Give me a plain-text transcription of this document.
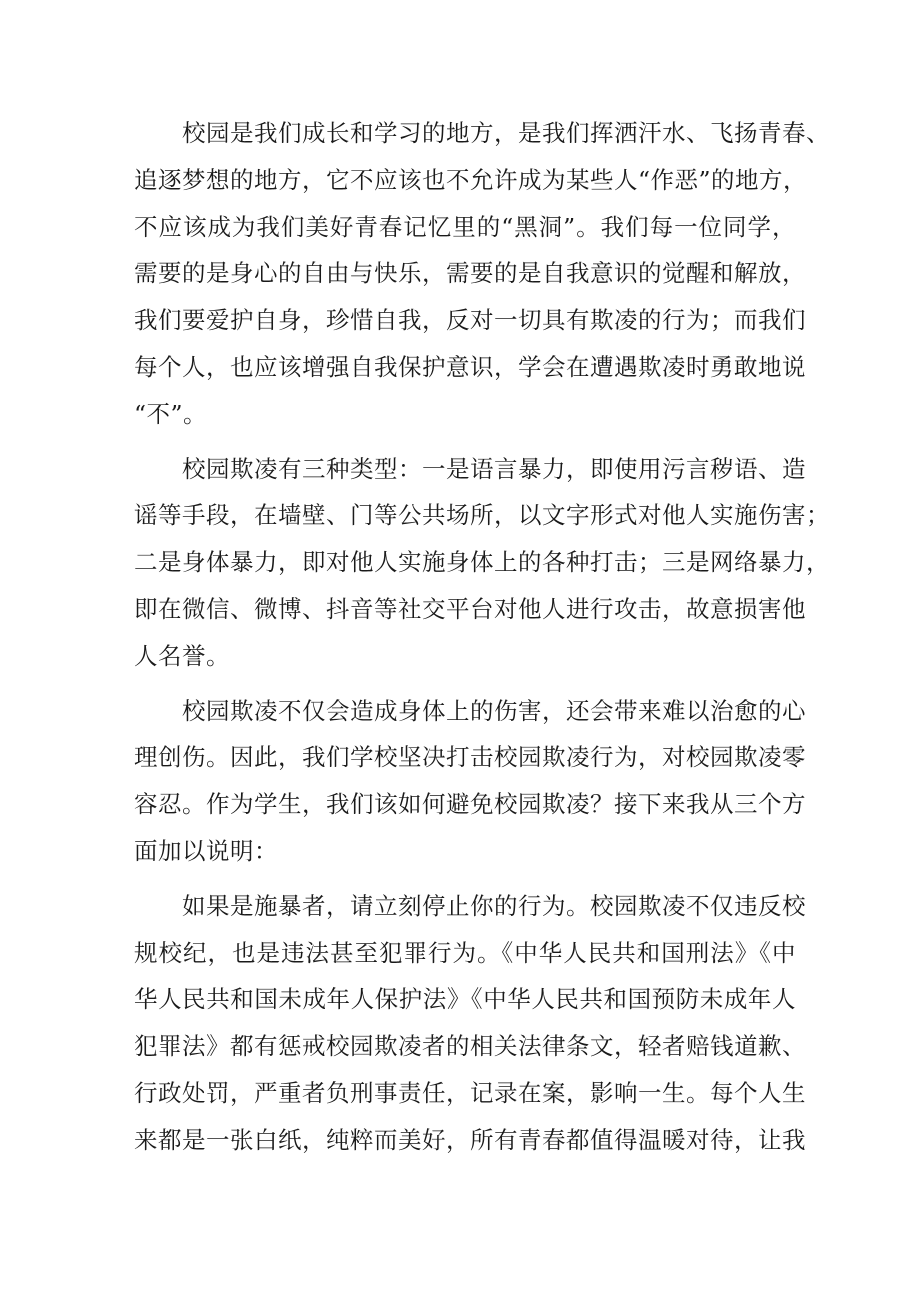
校园是我们成长和学习的地方，是我们挥洒汗水、飞扬青春、
追逐梦想的地方，它不应该也不允许成为某些人“作恶”的地方，
不应该成为我们美好青春记忆里的“黑洞”。我们每一位同学，
需要的是身心的自由与快乐，需要的是自我意识的觉醒和解放，
我们要爱护自身，珍惜自我，反对一切具有欺凌的行为；而我们
每个人，也应该增强自我保护意识，学会在遭遇欺凌时勇敢地说
“不”。
校园欺凌有三种类型：一是语言暴力，即使用污言秽语、造
谣等手段，在墙壁、门等公共场所，以文字形式对他人实施伤害；
二是身体暴力，即对他人实施身体上的各种打击；三是网络暴力，
即在微信、微博、抖音等社交平台对他人进行攻击，故意损害他
人名誉。
校园欺凌不仅会造成身体上的伤害，还会带来难以治愈的心
理创伤。因此，我们学校坚决打击校园欺凌行为，对校园欺凌零
容忍。作为学生，我们该如何避免校园欺凌？接下来我从三个方
面加以说明：
如果是施暴者，请立刻停止你的行为。校园欺凌不仅违反校
规校纪，也是违法甚至犯罪行为。《中华人民共和国刑法》《中
华人民共和国未成年人保护法》《中华人民共和国预防未成年人
犯罪法》都有惩戒校园欺凌者的相关法律条文，轻者赔钱道歉、
行政处罚，严重者负刑事责任，记录在案，影响一生。每个人生
来都是一张白纸，纯粹而美好，所有青春都值得温暖对待，让我
